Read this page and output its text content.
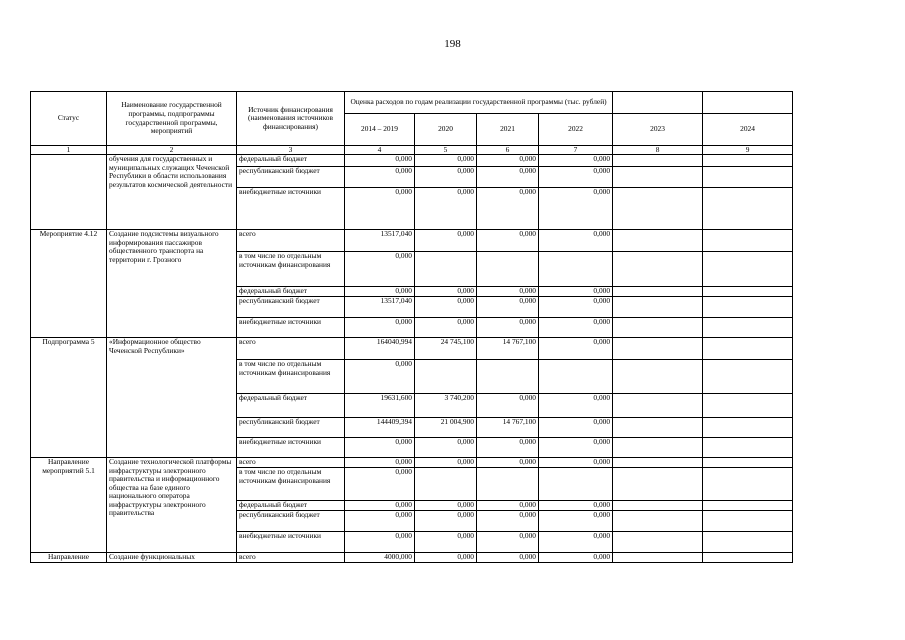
198
Статус	Наименование государственной программы, подпрограммы государственной программы, мероприятий	Источник финансирования (наименования источников финансирования)	Оценка расходов по годам реализации государственной программы (тыс. рублей)					
			2014 – 2019	2020	2021	2022	2023	2024
1	2	3	4	5	6	7	8	9
	обучения для государственных и муниципальных служащих Чеченской Республики в области использования результатов космической деятельности	федеральный бюджет	0,000	0,000	0,000	0,000		
		республиканский бюджет	0,000	0,000	0,000	0,000		
		внебюджетные источники	0,000	0,000	0,000	0,000		
Мероприятие 4.12	Создание подсистемы визуального информирования пассажиров общественного транспорта на территории г. Грозного	всего	13517,040	0,000	0,000	0,000		
		в том числе по отдельным источникам финансирования	0,000					
		федеральный бюджет	0,000	0,000	0,000	0,000		
		республиканский бюджет	13517,040	0,000	0,000	0,000		
		внебюджетные источники	0,000	0,000	0,000	0,000		
Подпрограмма 5	«Информационное общество Чеченской Республики»	всего	164040,994	24 745,100	14 767,100	0,000		
		в том числе по отдельным источникам финансирования	0,000					
		федеральный бюджет	19631,600	3 740,200	0,000	0,000		
		республиканский бюджет	144409,394	21 004,900	14 767,100	0,000		
		внебюджетные источники	0,000	0,000	0,000	0,000		
Направление мероприятий 5.1	Создание технологической платформы инфраструктуры электронного правительства и информационного общества на базе единого национального оператора инфраструктуры электронного правительства	всего	0,000	0,000	0,000	0,000		
		в том числе по отдельным источникам финансирования	0,000					
		федеральный бюджет	0,000	0,000	0,000	0,000		
		республиканский бюджет	0,000	0,000	0,000	0,000		
		внебюджетные источники	0,000	0,000	0,000	0,000		
Направление	Создание функциональных	всего	4000,000	0,000	0,000	0,000		
